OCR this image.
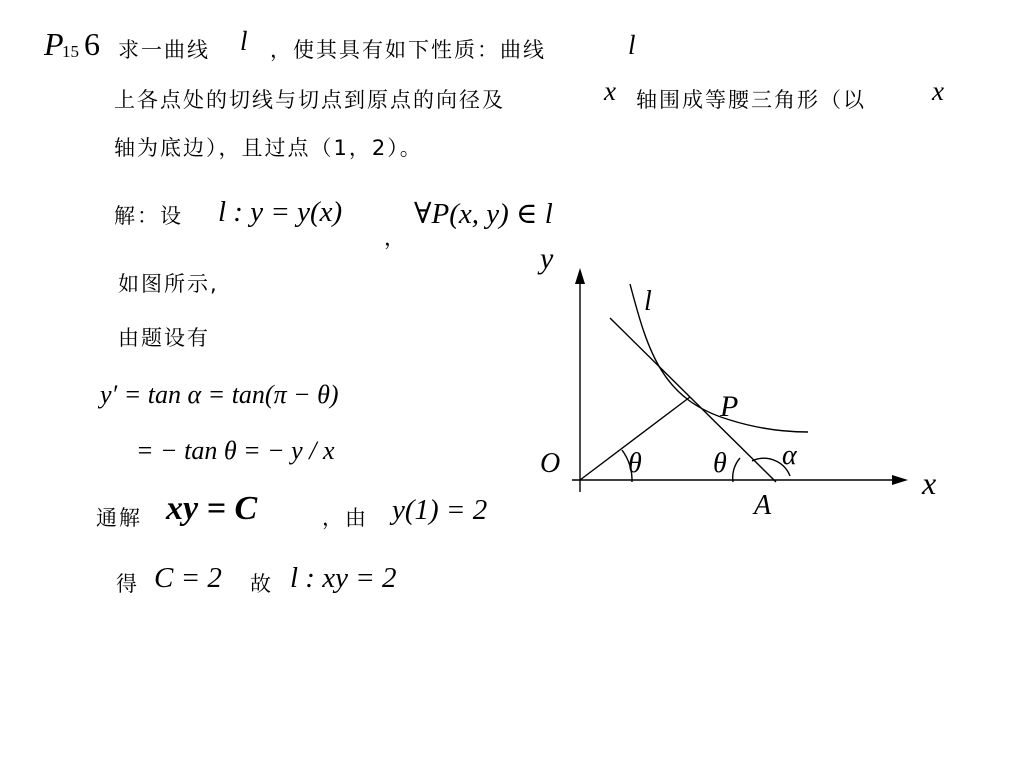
P
15 6 求一曲线 l ，使其具有如下性质：曲线	l
上各点处的切线与切点到原点的向径及	x 轴围成等腰三角形（以 x
轴为底边），且过点（1，2）。
解：设 l : y = y(x)
，
∀P(x, y) ∈ l
如图所示,
由题设有
y′ = tan α = tan(π − θ)
= − tan θ = − y / x
通解 xy = C	，由 y(1) = 2
得 C = 2 故 l : xy = 2
y
x
O
l
P
A
θ	θ α
